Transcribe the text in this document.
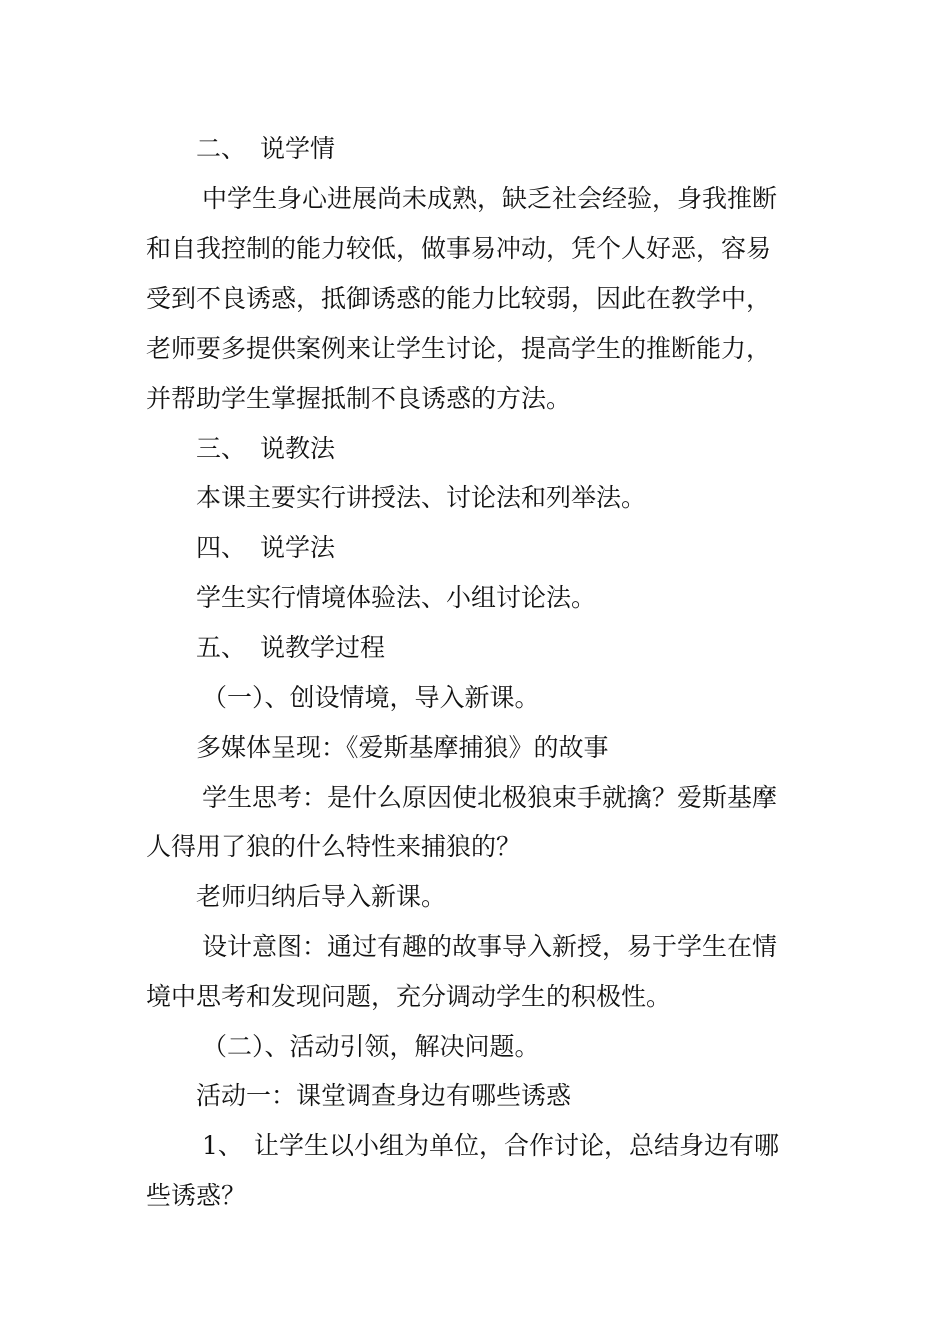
二、 说学情

中学生身心进展尚未成熟，缺乏社会经验，身我推断

和自我控制的能力较低，做事易冲动，凭个人好恶，容易

受到不良诱惑，抵御诱惑的能力比较弱，因此在教学中，

老师要多提供案例来让学生讨论，提高学生的推断能力，

并帮助学生掌握抵制不良诱惑的方法。

三、 说教法

本课主要实行讲授法、讨论法和列举法。

四、 说学法

学生实行情境体验法、小组讨论法。

五、 说教学过程

（一）、创设情境，导入新课。

多媒体呈现：《爱斯基摩捕狼》的故事

学生思考：是什么原因使北极狼束手就擒？爱斯基摩

人得用了狼的什么特性来捕狼的？

老师归纳后导入新课。

设计意图：通过有趣的故事导入新授，易于学生在情

境中思考和发现问题，充分调动学生的积极性。

（二）、活动引领，解决问题。

活动一：课堂调查身边有哪些诱惑

1、 让学生以小组为单位，合作讨论，总结身边有哪

些诱惑？
